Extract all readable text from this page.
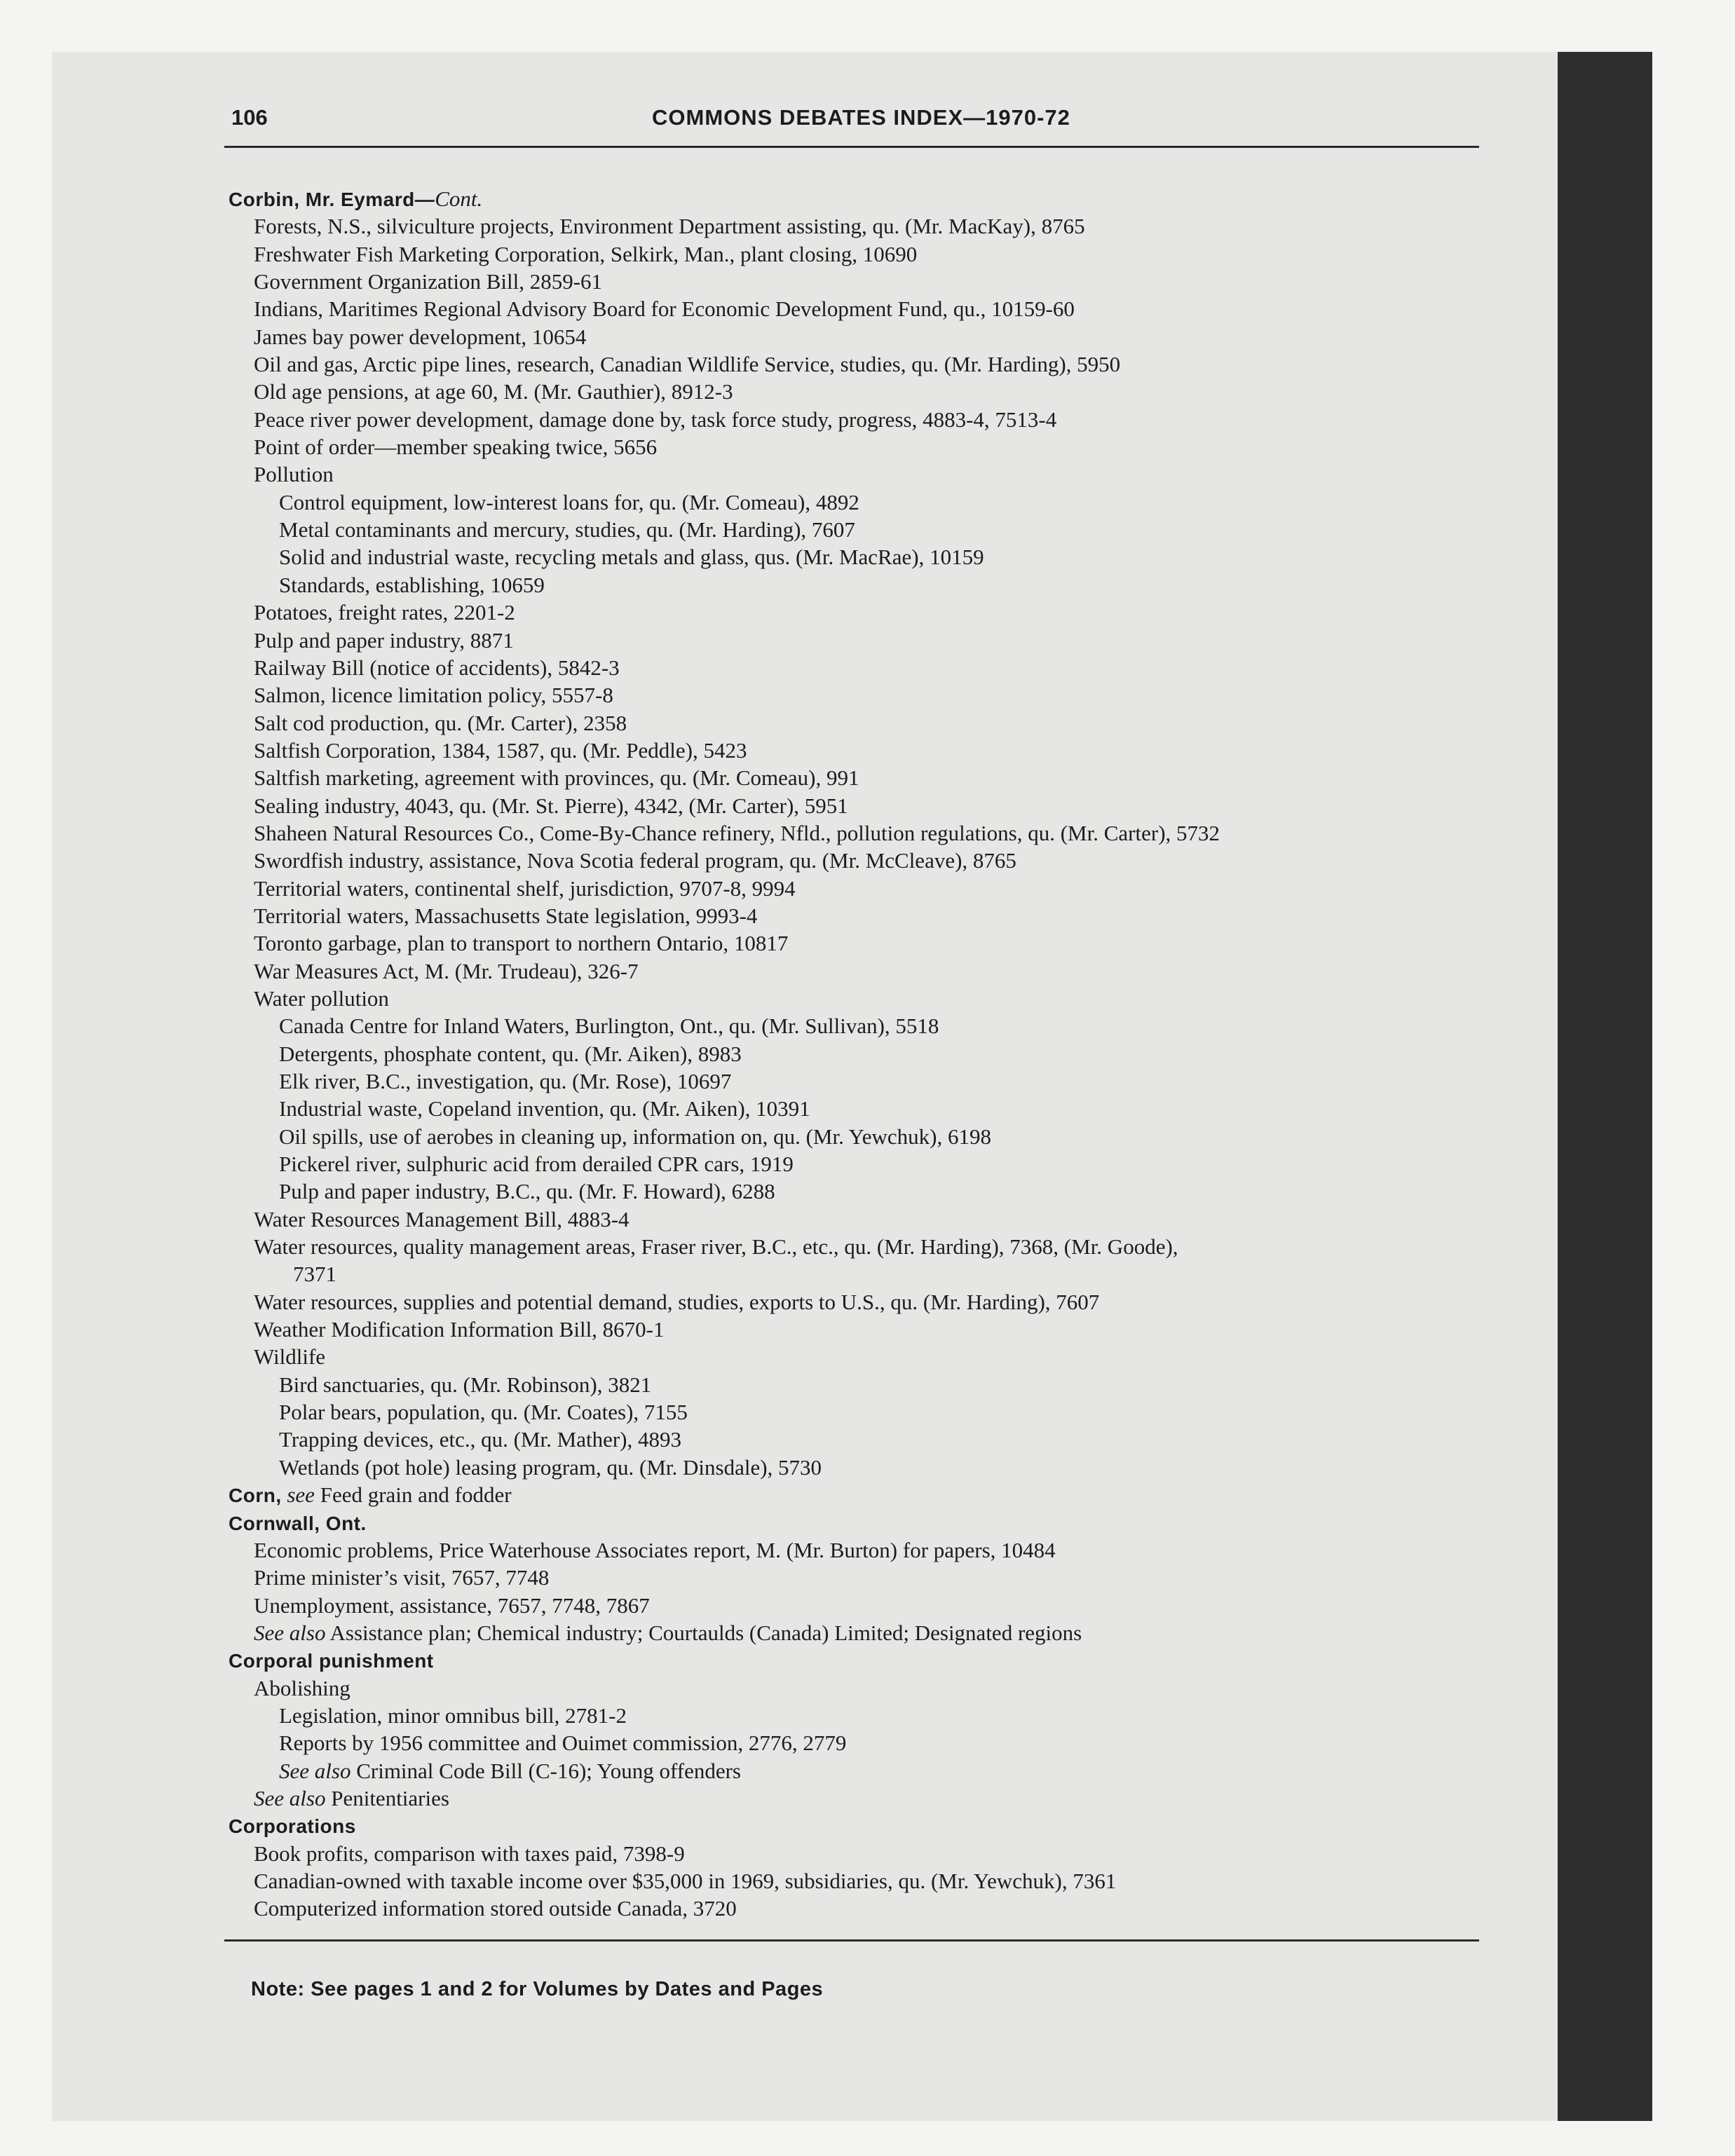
106	COMMONS DEBATES INDEX—1970-72
Corbin, Mr. Eymard—Cont.
Forests, N.S., silviculture projects, Environment Department assisting, qu. (Mr. MacKay), 8765
Freshwater Fish Marketing Corporation, Selkirk, Man., plant closing, 10690
Government Organization Bill, 2859-61
Indians, Maritimes Regional Advisory Board for Economic Development Fund, qu., 10159-60
James bay power development, 10654
Oil and gas, Arctic pipe lines, research, Canadian Wildlife Service, studies, qu. (Mr. Harding), 5950
Old age pensions, at age 60, M. (Mr. Gauthier), 8912-3
Peace river power development, damage done by, task force study, progress, 4883-4, 7513-4
Point of order—member speaking twice, 5656
Pollution
Control equipment, low-interest loans for, qu. (Mr. Comeau), 4892
Metal contaminants and mercury, studies, qu. (Mr. Harding), 7607
Solid and industrial waste, recycling metals and glass, qus. (Mr. MacRae), 10159
Standards, establishing, 10659
Potatoes, freight rates, 2201-2
Pulp and paper industry, 8871
Railway Bill (notice of accidents), 5842-3
Salmon, licence limitation policy, 5557-8
Salt cod production, qu. (Mr. Carter), 2358
Saltfish Corporation, 1384, 1587, qu. (Mr. Peddle), 5423
Saltfish marketing, agreement with provinces, qu. (Mr. Comeau), 991
Sealing industry, 4043, qu. (Mr. St. Pierre), 4342, (Mr. Carter), 5951
Shaheen Natural Resources Co., Come-By-Chance refinery, Nfld., pollution regulations, qu. (Mr. Carter), 5732
Swordfish industry, assistance, Nova Scotia federal program, qu. (Mr. McCleave), 8765
Territorial waters, continental shelf, jurisdiction, 9707-8, 9994
Territorial waters, Massachusetts State legislation, 9993-4
Toronto garbage, plan to transport to northern Ontario, 10817
War Measures Act, M. (Mr. Trudeau), 326-7
Water pollution
Canada Centre for Inland Waters, Burlington, Ont., qu. (Mr. Sullivan), 5518
Detergents, phosphate content, qu. (Mr. Aiken), 8983
Elk river, B.C., investigation, qu. (Mr. Rose), 10697
Industrial waste, Copeland invention, qu. (Mr. Aiken), 10391
Oil spills, use of aerobes in cleaning up, information on, qu. (Mr. Yewchuk), 6198
Pickerel river, sulphuric acid from derailed CPR cars, 1919
Pulp and paper industry, B.C., qu. (Mr. F. Howard), 6288
Water Resources Management Bill, 4883-4
Water resources, quality management areas, Fraser river, B.C., etc., qu. (Mr. Harding), 7368, (Mr. Goode),
7371
Water resources, supplies and potential demand, studies, exports to U.S., qu. (Mr. Harding), 7607
Weather Modification Information Bill, 8670-1
Wildlife
Bird sanctuaries, qu. (Mr. Robinson), 3821
Polar bears, population, qu. (Mr. Coates), 7155
Trapping devices, etc., qu. (Mr. Mather), 4893
Wetlands (pot hole) leasing program, qu. (Mr. Dinsdale), 5730
Corn, see Feed grain and fodder
Cornwall, Ont.
Economic problems, Price Waterhouse Associates report, M. (Mr. Burton) for papers, 10484
Prime minister’s visit, 7657, 7748
Unemployment, assistance, 7657, 7748, 7867
See also Assistance plan; Chemical industry; Courtaulds (Canada) Limited; Designated regions
Corporal punishment
Abolishing
Legislation, minor omnibus bill, 2781-2
Reports by 1956 committee and Ouimet commission, 2776, 2779
See also Criminal Code Bill (C-16); Young offenders
See also Penitentiaries
Corporations
Book profits, comparison with taxes paid, 7398-9
Canadian-owned with taxable income over $35,000 in 1969, subsidiaries, qu. (Mr. Yewchuk), 7361
Computerized information stored outside Canada, 3720
Note: See pages 1 and 2 for Volumes by Dates and Pages
